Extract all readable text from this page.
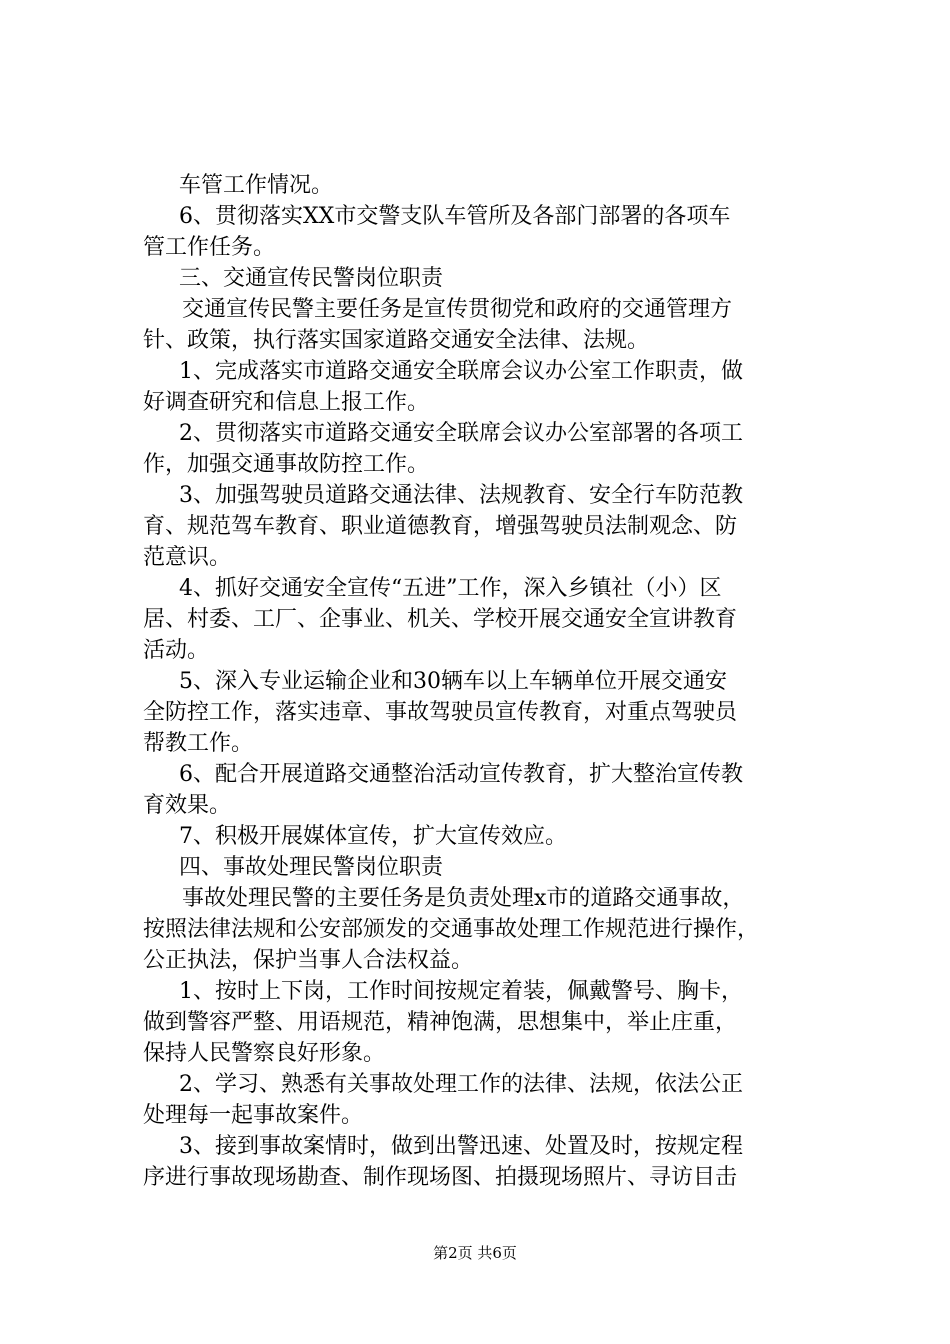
车管工作情况。
6、贯彻落实XX市交警支队车管所及各部门部署的各项车
管工作任务。
三、交通宣传民警岗位职责
交通宣传民警主要任务是宣传贯彻党和政府的交通管理方
针、政策，执行落实国家道路交通安全法律、法规。
1、完成落实市道路交通安全联席会议办公室工作职责，做
好调查研究和信息上报工作。
2、贯彻落实市道路交通安全联席会议办公室部署的各项工
作，加强交通事故防控工作。
3、加强驾驶员道路交通法律、法规教育、安全行车防范教
育、规范驾车教育、职业道德教育，增强驾驶员法制观念、防
范意识。
4、抓好交通安全宣传“五进”工作，深入乡镇社（小）区
居、村委、工厂、企事业、机关、学校开展交通安全宣讲教育
活动。
5、深入专业运输企业和30辆车以上车辆单位开展交通安
全防控工作，落实违章、事故驾驶员宣传教育，对重点驾驶员
帮教工作。
6、配合开展道路交通整治活动宣传教育，扩大整治宣传教
育效果。
7、积极开展媒体宣传，扩大宣传效应。
四、事故处理民警岗位职责
事故处理民警的主要任务是负责处理x市的道路交通事故，
按照法律法规和公安部颁发的交通事故处理工作规范进行操作，
公正执法，保护当事人合法权益。
1、按时上下岗，工作时间按规定着装，佩戴警号、胸卡，
做到警容严整、用语规范，精神饱满，思想集中，举止庄重，
保持人民警察良好形象。
2、学习、熟悉有关事故处理工作的法律、法规，依法公正
处理每一起事故案件。
3、接到事故案情时，做到出警迅速、处置及时，按规定程
序进行事故现场勘查、制作现场图、拍摄现场照片、寻访目击
第2页 共6页
